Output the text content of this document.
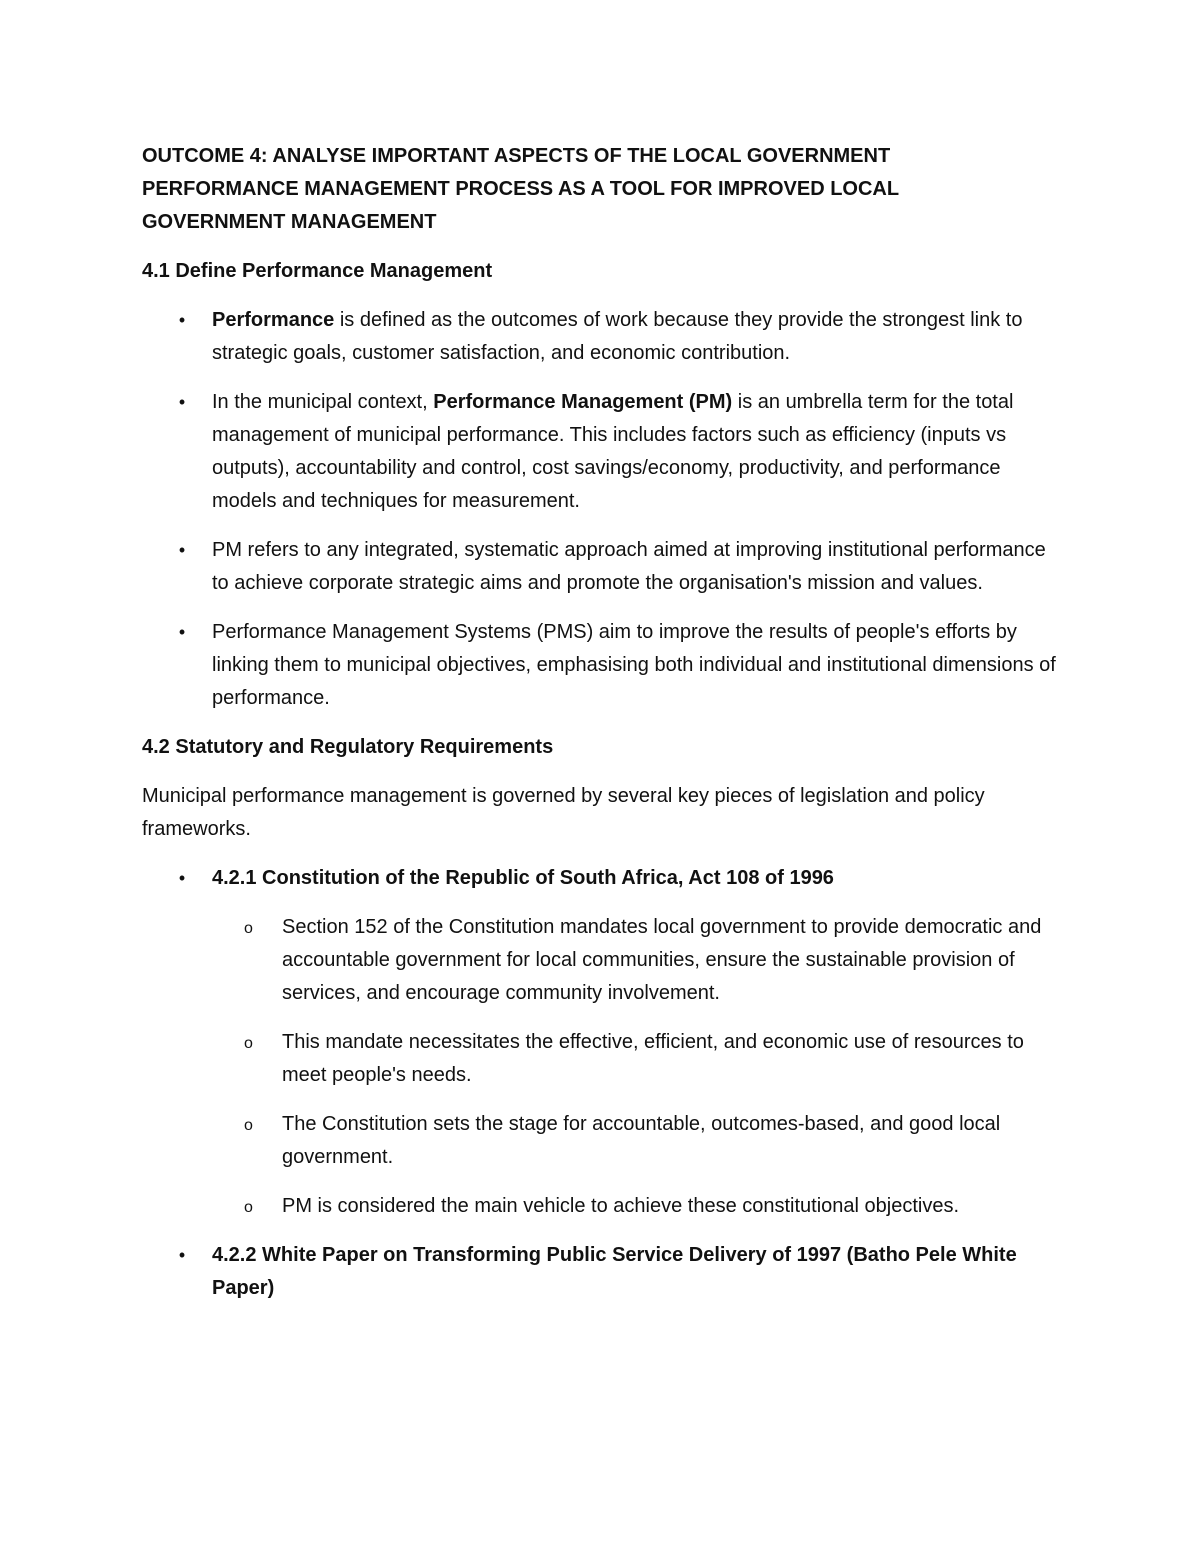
OUTCOME 4: ANALYSE IMPORTANT ASPECTS OF THE LOCAL GOVERNMENT PERFORMANCE MANAGEMENT PROCESS AS A TOOL FOR IMPROVED LOCAL GOVERNMENT MANAGEMENT
4.1 Define Performance Management
•	Performance is defined as the outcomes of work because they provide the strongest link to strategic goals, customer satisfaction, and economic contribution.
•	In the municipal context, Performance Management (PM) is an umbrella term for the total management of municipal performance. This includes factors such as efficiency (inputs vs outputs), accountability and control, cost savings/economy, productivity, and performance models and techniques for measurement.
•	PM refers to any integrated, systematic approach aimed at improving institutional performance to achieve corporate strategic aims and promote the organisation's mission and values.
•	Performance Management Systems (PMS) aim to improve the results of people's efforts by linking them to municipal objectives, emphasising both individual and institutional dimensions of performance.
4.2 Statutory and Regulatory Requirements
Municipal performance management is governed by several key pieces of legislation and policy frameworks.
•	4.2.1 Constitution of the Republic of South Africa, Act 108 of 1996
o Section 152 of the Constitution mandates local government to provide democratic and accountable government for local communities, ensure the sustainable provision of services, and encourage community involvement.
o This mandate necessitates the effective, efficient, and economic use of resources to meet people's needs.
o The Constitution sets the stage for accountable, outcomes-based, and good local government.
o PM is considered the main vehicle to achieve these constitutional objectives.
•	4.2.2 White Paper on Transforming Public Service Delivery of 1997 (Batho Pele White Paper)
